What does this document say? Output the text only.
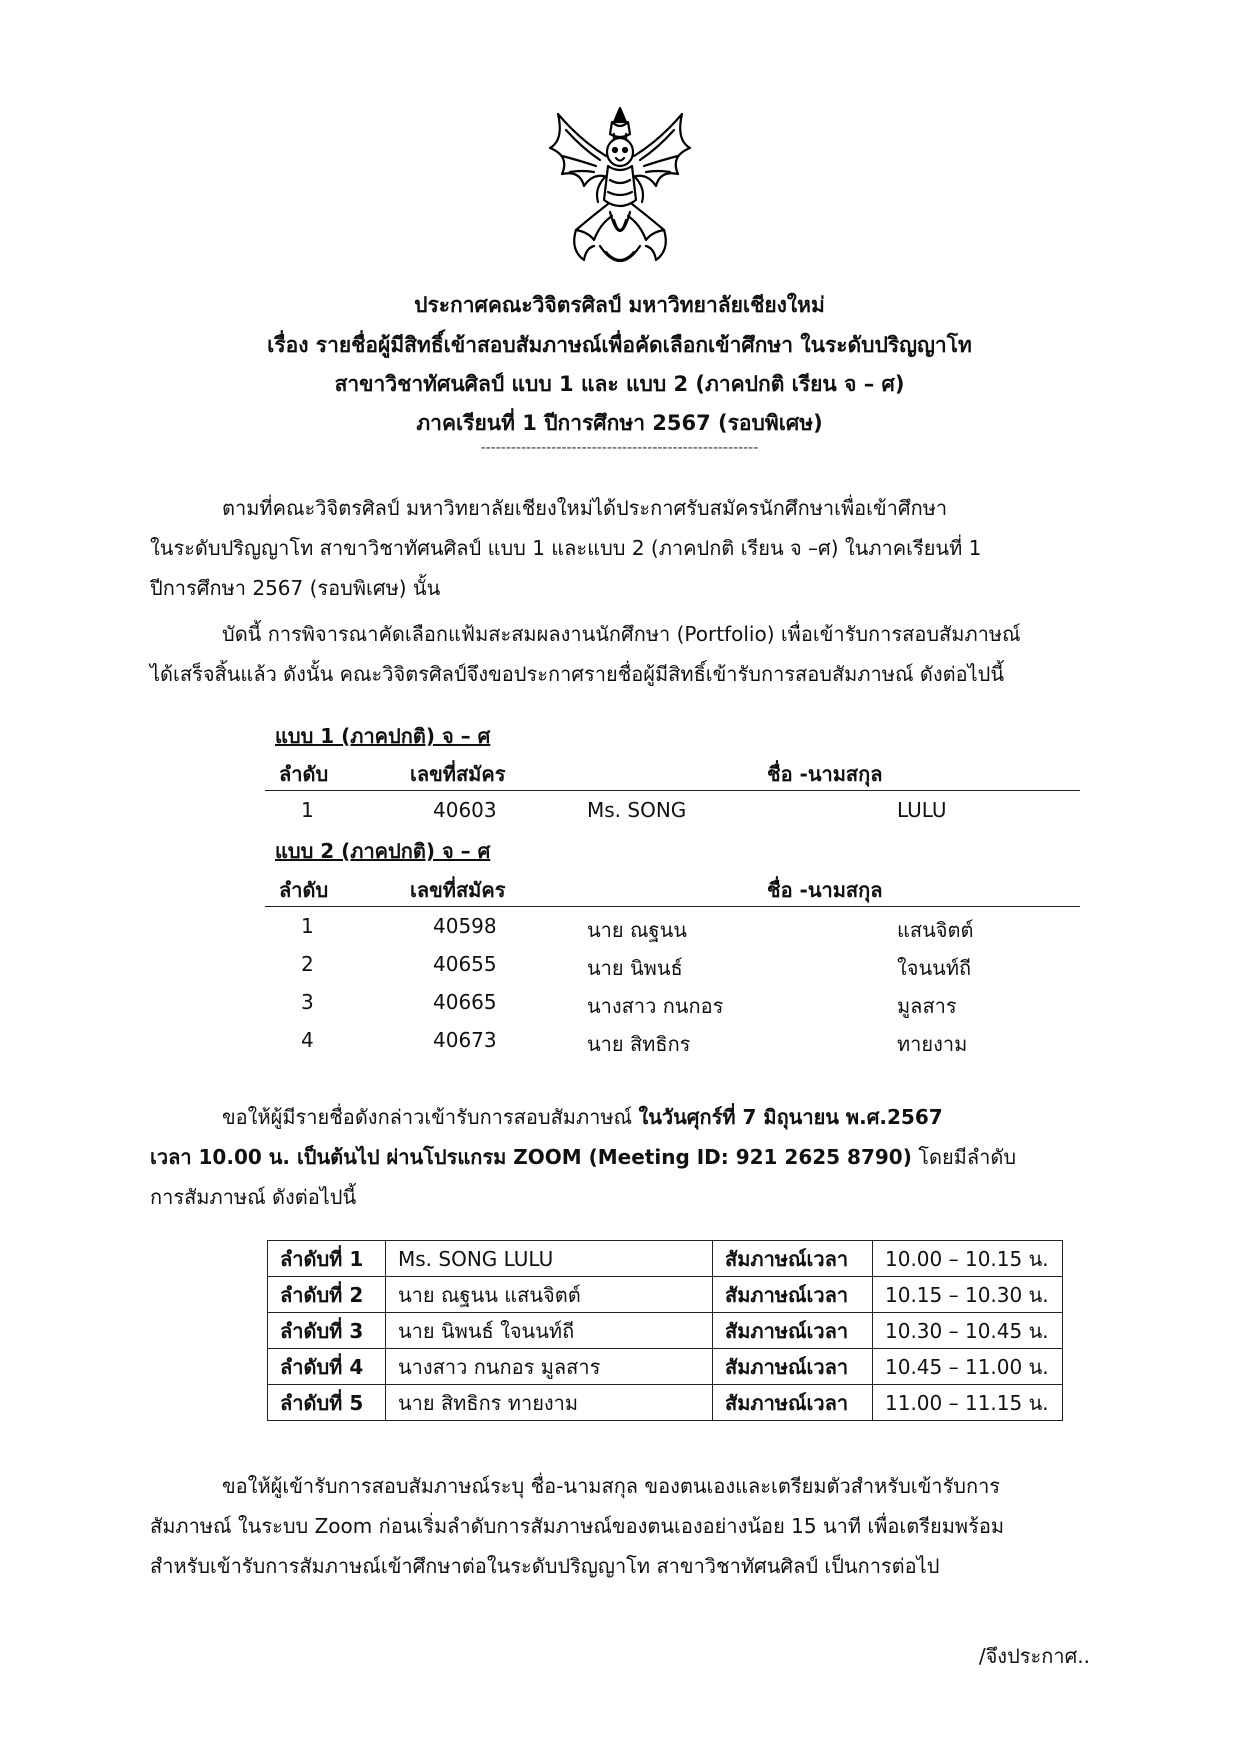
ประกาศคณะวิจิตรศิลป์ มหาวิทยาลัยเชียงใหม่
เรื่อง รายชื่อผู้มีสิทธิ์เข้าสอบสัมภาษณ์เพื่อคัดเลือกเข้าศึกษา ในระดับปริญญาโท
สาขาวิชาทัศนศิลป์ แบบ 1 และ แบบ 2 (ภาคปกติ เรียน จ – ศ)
ภาคเรียนที่ 1 ปีการศึกษา 2567 (รอบพิเศษ)
-------------------------------------------------------
ตามที่คณะวิจิตรศิลป์ มหาวิทยาลัยเชียงใหม่ได้ประกาศรับสมัครนักศึกษาเพื่อเข้าศึกษา
ในระดับปริญญาโท สาขาวิชาทัศนศิลป์ แบบ 1 และแบบ 2 (ภาคปกติ เรียน จ –ศ) ในภาคเรียนที่ 1
ปีการศึกษา 2567 (รอบพิเศษ) นั้น
บัดนี้ การพิจารณาคัดเลือกแฟ้มสะสมผลงานนักศึกษา (Portfolio) เพื่อเข้ารับการสอบสัมภาษณ์
ได้เสร็จสิ้นแล้ว ดังนั้น คณะวิจิตรศิลป์จึงขอประกาศรายชื่อผู้มีสิทธิ์เข้ารับการสอบสัมภาษณ์ ดังต่อไปนี้
แบบ 1 (ภาคปกติ) จ – ศ
ลำดับ	เลขที่สมัคร	ชื่อ -นามสกุล
1	40603	Ms. SONG	LULU
แบบ 2 (ภาคปกติ) จ – ศ
ลำดับ	เลขที่สมัคร	ชื่อ -นามสกุล
1	40598	นาย ณฐนน	แสนจิตต์
2	40655	นาย นิพนธ์	ใจนนท์ถี
3	40665	นางสาว กนกอร	มูลสาร
4	40673	นาย สิทธิกร	ทายงาม
ขอให้ผู้มีรายชื่อดังกล่าวเข้ารับการสอบสัมภาษณ์ ในวันศุกร์ที่ 7 มิถุนายน พ.ศ.2567
เวลา 10.00 น. เป็นต้นไป ผ่านโปรแกรม ZOOM (Meeting ID: 921 2625 8790) โดยมีลำดับ
การสัมภาษณ์ ดังต่อไปนี้
ลำดับที่ 1	Ms. SONG LULU	สัมภาษณ์เวลา	10.00 – 10.15 น.
ลำดับที่ 2	นาย ณฐนน แสนจิตต์	สัมภาษณ์เวลา	10.15 – 10.30 น.
ลำดับที่ 3	นาย นิพนธ์ ใจนนท์ถี	สัมภาษณ์เวลา	10.30 – 10.45 น.
ลำดับที่ 4	นางสาว กนกอร มูลสาร	สัมภาษณ์เวลา	10.45 – 11.00 น.
ลำดับที่ 5	นาย สิทธิกร ทายงาม	สัมภาษณ์เวลา	11.00 – 11.15 น.
ขอให้ผู้เข้ารับการสอบสัมภาษณ์ระบุ ชื่อ-นามสกุล ของตนเองและเตรียมตัวสำหรับเข้ารับการ
สัมภาษณ์ ในระบบ Zoom ก่อนเริ่มลำดับการสัมภาษณ์ของตนเองอย่างน้อย 15 นาที เพื่อเตรียมพร้อม
สำหรับเข้ารับการสัมภาษณ์เข้าศึกษาต่อในระดับปริญญาโท สาขาวิชาทัศนศิลป์ เป็นการต่อไป
/จึงประกาศ..
